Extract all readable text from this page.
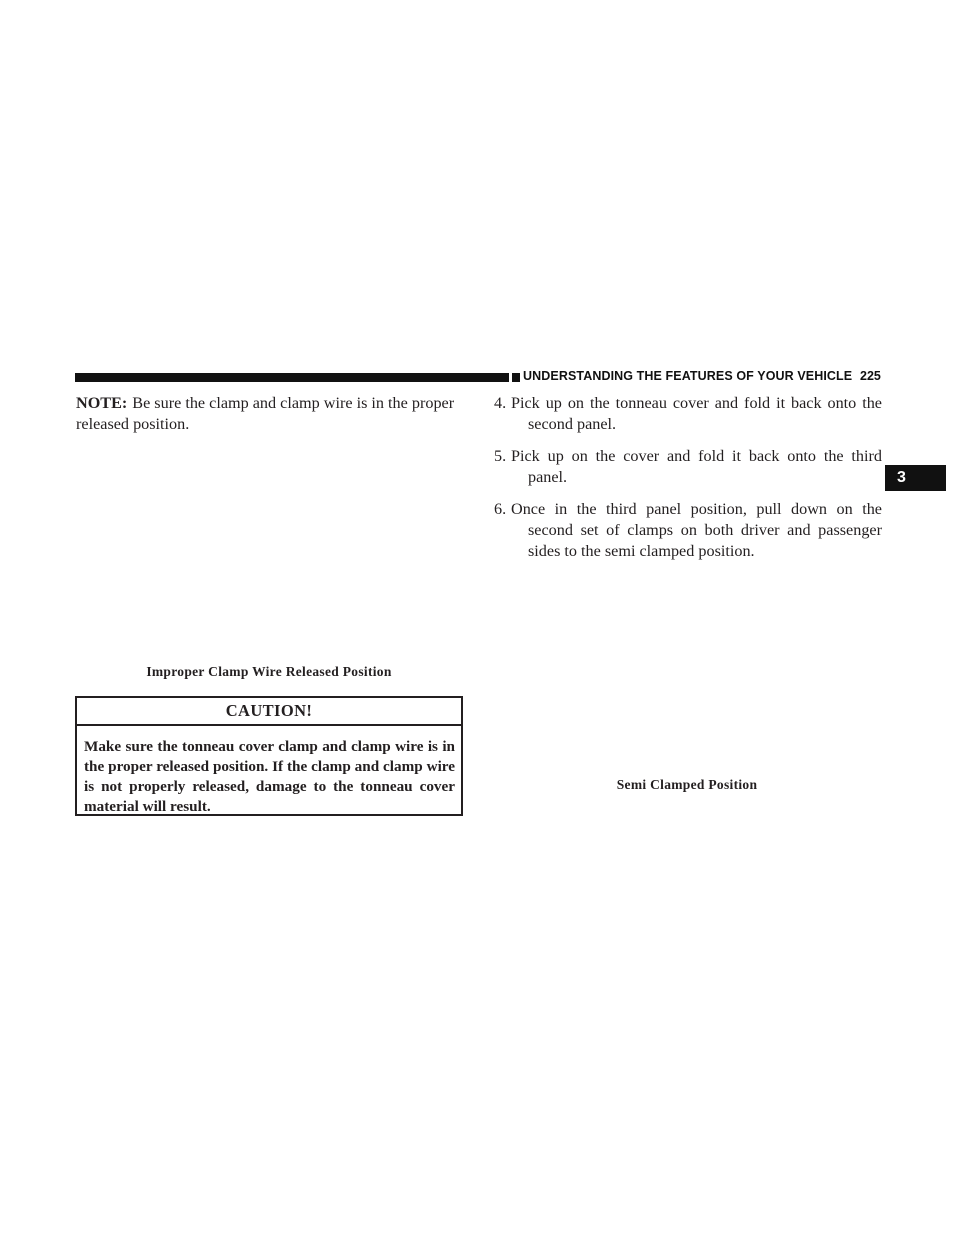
UNDERSTANDING THE FEATURES OF YOUR VEHICLE 225
3

NOTE: Be sure the clamp and clamp wire is in the proper released position.

Improper Clamp Wire Released Position
CAUTION!
Make sure the tonneau cover clamp and clamp wire is in the proper released position. If the clamp and clamp wire is not properly released, damage to the tonneau cover material will result.
4. Pick up on the tonneau cover and fold it back onto the
second panel.
5. Pick up on the cover and fold it back onto the third
panel.
6. Once in the third panel position, pull down on the
second set of clamps on both driver and passenger sides to the semi clamped position.
Semi Clamped Position
